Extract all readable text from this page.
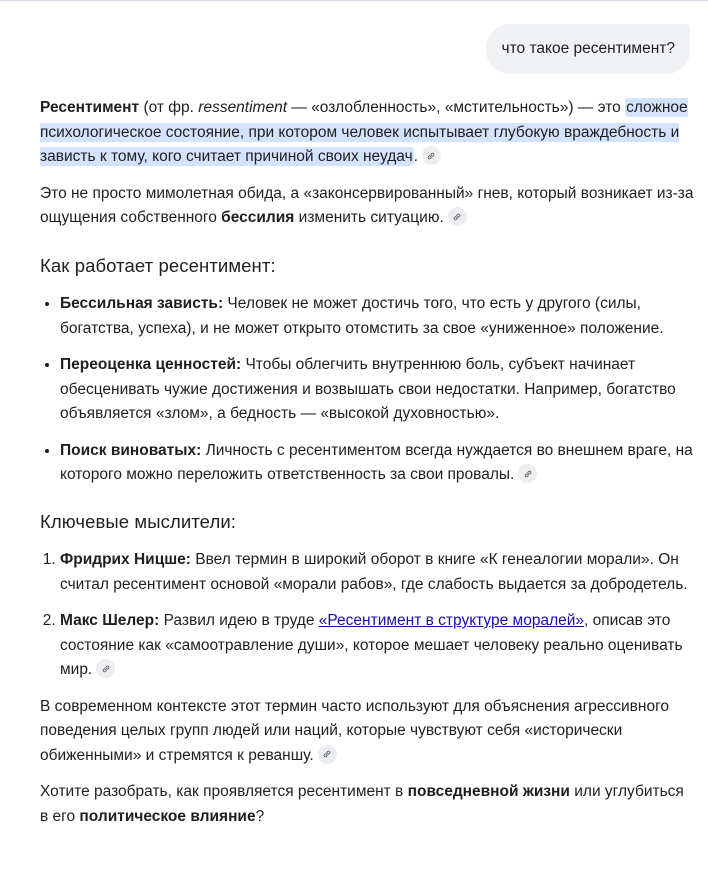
что такое ресентимент?

Ресентимент (от фр. ressentiment — «озлобленность», «мстительность») — это сложное психологическое состояние, при котором человек испытывает глубокую враждебность и зависть к тому, кого считает причиной своих неудач.

Это не просто мимолетная обида, а «законсервированный» гнев, который возникает из-за ощущения собственного бессилия изменить ситуацию.

Как работает ресентимент:
• Бессильная зависть: Человек не может достичь того, что есть у другого (силы, богатства, успеха), и не может открыто отомстить за свое «униженное» положение.
• Переоценка ценностей: Чтобы облегчить внутреннюю боль, субъект начинает обесценивать чужие достижения и возвышать свои недостатки. Например, богатство объявляется «злом», а бедность — «высокой духовностью».
• Поиск виноватых: Личность с ресентиментом всегда нуждается во внешнем враге, на которого можно переложить ответственность за свои провалы.
Ключевые мыслители:
1. Фридрих Ницше: Ввел термин в широкий оборот в книге «К генеалогии морали». Он считал ресентимент основой «морали рабов», где слабость выдается за добродетель.
2. Макс Шелер: Развил идею в труде «Ресентимент в структуре моралей», описав это состояние как «самоотравление души», которое мешает человеку реально оценивать мир.

В современном контексте этот термин часто используют для объяснения агрессивного поведения целых групп людей или наций, которые чувствуют себя «исторически обиженными» и стремятся к реваншу.

Хотите разобрать, как проявляется ресентимент в повседневной жизни или углубиться в его политическое влияние?
